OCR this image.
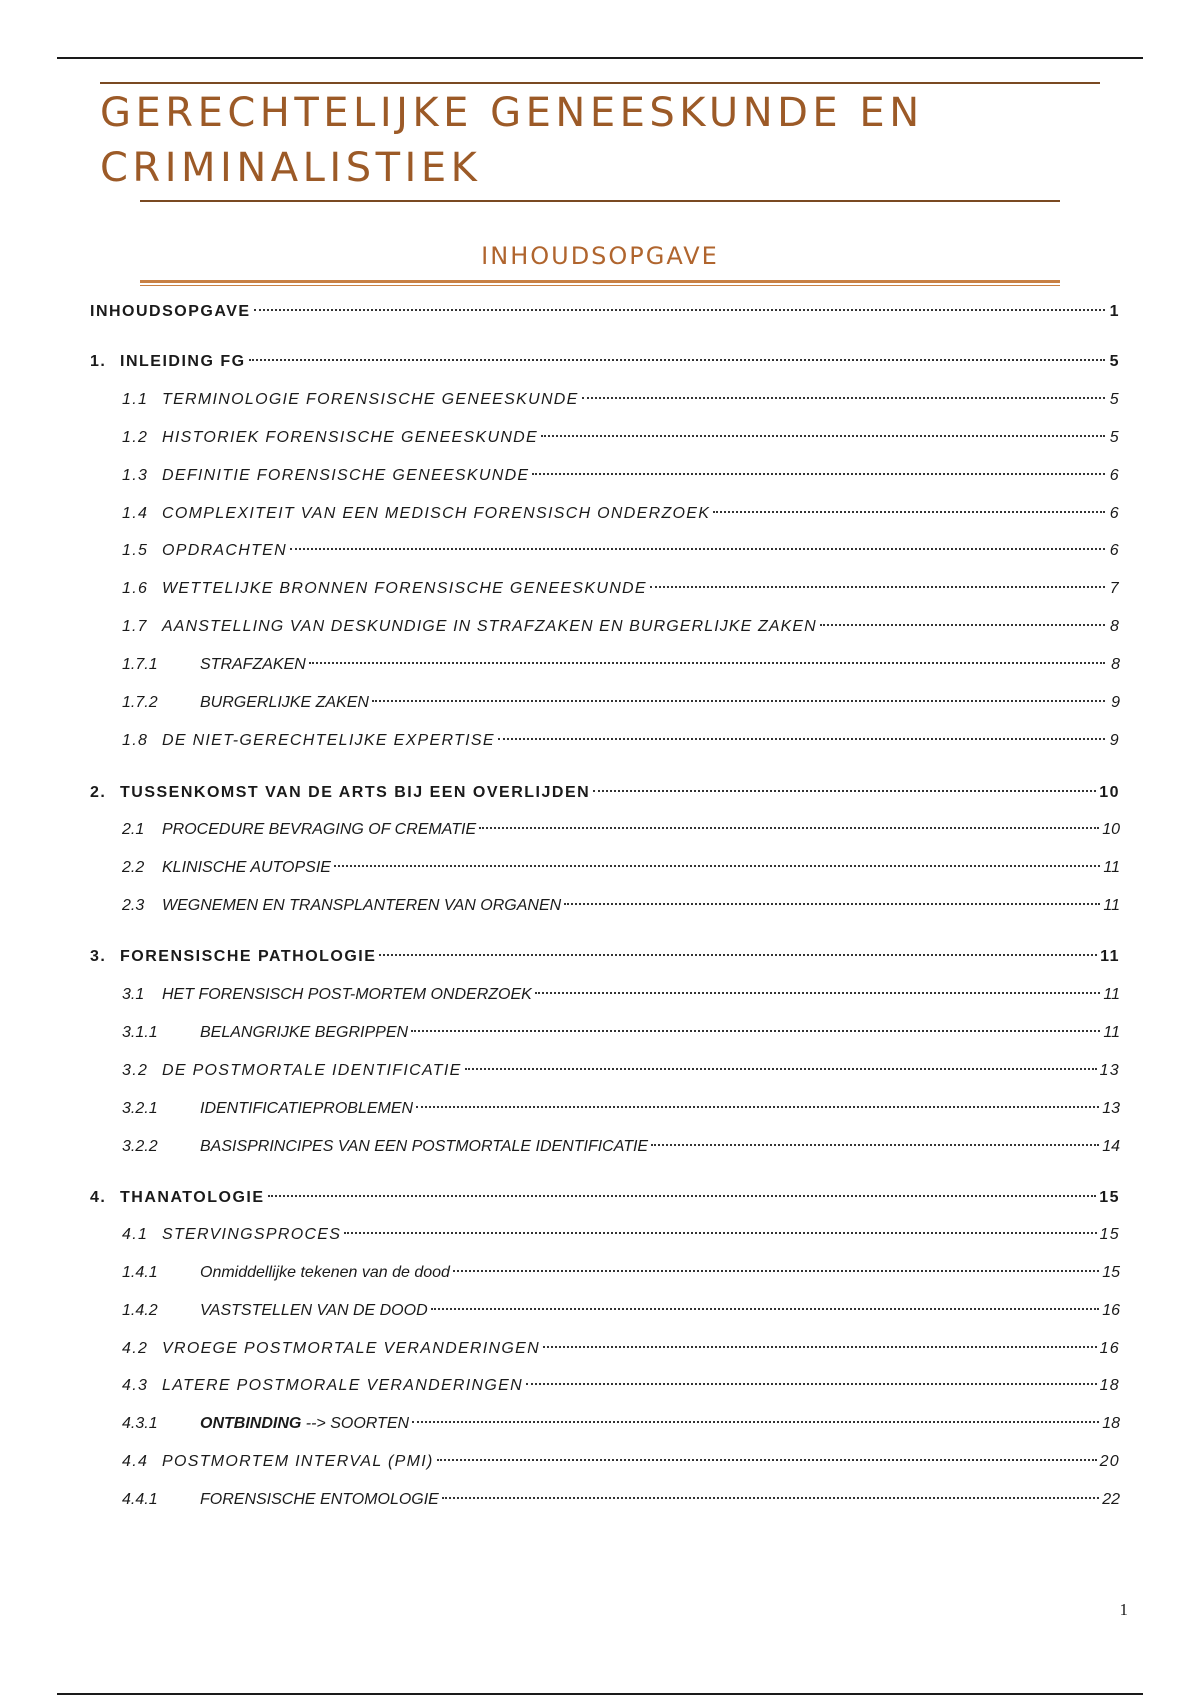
GERECHTELIJKE GENEESKUNDE EN
CRIMINALISTIEK
INHOUDSOPGAVE
INHOUDSOPGAVE	1
1. INLEIDING FG	5
1.1 TERMINOLOGIE FORENSISCHE GENEESKUNDE	5
1.2 HISTORIEK FORENSISCHE GENEESKUNDE	5
1.3 DEFINITIE FORENSISCHE GENEESKUNDE	6
1.4 COMPLEXITEIT VAN EEN MEDISCH FORENSISCH ONDERZOEK	6
1.5 OPDRACHTEN	6
1.6 WETTELIJKE BRONNEN FORENSISCHE GENEESKUNDE	7
1.7 AANSTELLING VAN DESKUNDIGE IN STRAFZAKEN EN BURGERLIJKE ZAKEN	8
1.7.1	STRAFZAKEN	8
1.7.2	BURGERLIJKE ZAKEN	9
1.8 DE NIET-GERECHTELIJKE EXPERTISE	9
2. TUSSENKOMST VAN DE ARTS BIJ EEN OVERLIJDEN	10
2.1	PROCEDURE BEVRAGING OF CREMATIE	10
2.2	KLINISCHE AUTOPSIE	11
2.3	WEGNEMEN EN TRANSPLANTEREN VAN ORGANEN	11
3. FORENSISCHE PATHOLOGIE	11
3.1	HET FORENSISCH POST-MORTEM ONDERZOEK	11
3.1.1	BELANGRIJKE BEGRIPPEN	11
3.2 DE POSTMORTALE IDENTIFICATIE	13
3.2.1	IDENTIFICATIEPROBLEMEN	13
3.2.2	BASISPRINCIPES VAN EEN POSTMORTALE IDENTIFICATIE	14
4. THANATOLOGIE	15
4.1 STERVINGSPROCES	15
1.4.1	Onmiddellijke tekenen van de dood	15
1.4.2	VASTSTELLEN VAN DE DOOD	16
4.2 VROEGE POSTMORTALE VERANDERINGEN	16
4.3 LATERE POSTMORALE VERANDERINGEN	18
4.3.1	ONTBINDING --> SOORTEN	18
4.4 POSTMORTEM INTERVAL (PMI)	20
4.4.1	FORENSISCHE ENTOMOLOGIE	22
1
